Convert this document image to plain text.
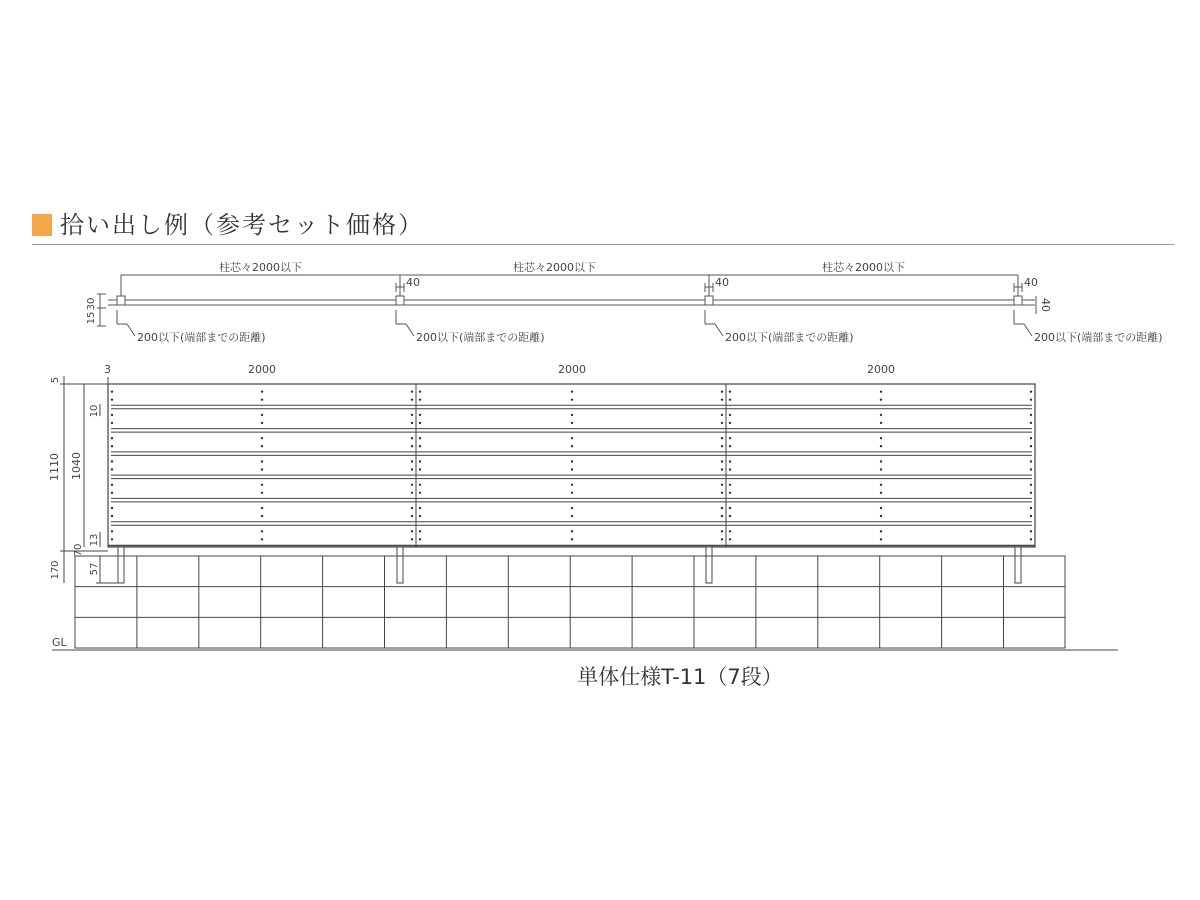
拾い出し例（参考セット価格）
柱芯々2000以下	柱芯々2000以下	柱芯々2000以下
200以下(端部までの距離)	200以下(端部までの距離)
40
200以下(端部までの距離)
40
200以下(端部までの距離)
40
30
15
40
3	2000	2000	2000
GL
5
1110 1040
10
13
70
57
170
単体仕様T-11（7段）
